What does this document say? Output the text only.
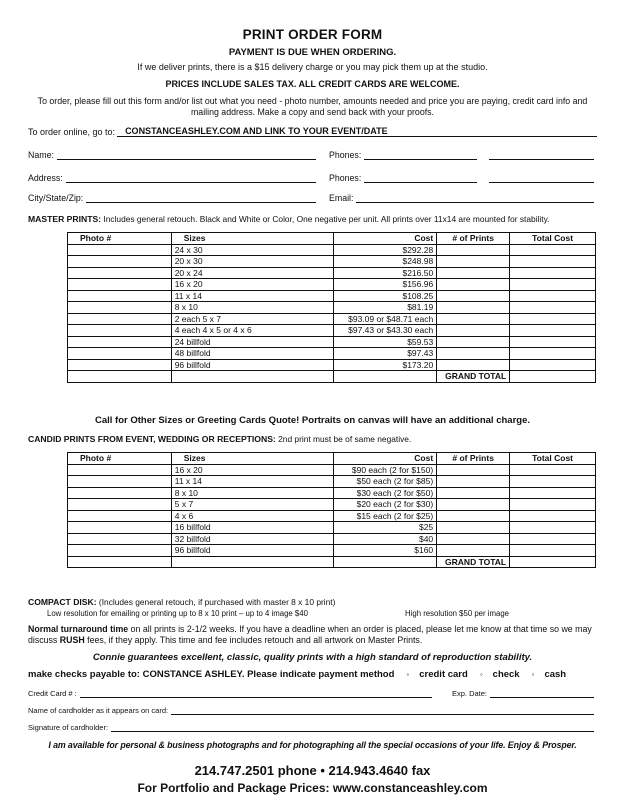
PRINT ORDER FORM
PAYMENT IS DUE WHEN ORDERING.
If we deliver prints, there is a $15 delivery charge or you may pick them up at the studio.
PRICES INCLUDE SALES TAX. ALL CREDIT CARDS ARE WELCOME.
To order, please fill out this form and/or list out what you need - photo number, amounts needed and price you are paying, credit card info and mailing address. Make a copy and send back with your proofs.
To order online, go to:	CONSTANCEASHLEY.COM AND LINK TO YOUR EVENT/DATE
Name:	Phones:
Address:	Phones:
City/State/Zip:	Email:
MASTER PRINTS: Includes general retouch. Black and White or Color, One negative per unit. All prints over 11x14 are mounted for stability.
Photo #	Sizes	Cost	# of Prints	Total Cost
	24 x 30	$292.28		
	20 x 30	$248.98		
	20 x 24	$216.50		
	16 x 20	$156.96		
	11 x 14	$108.25		
	8 x 10	$81.19		
	2 each 5 x 7	$93.09 or $48.71 each		
	4 each 4 x 5 or 4 x 6	$97.43 or $43.30 each		
	24 billfold	$59.53		
	48 billfold	$97.43		
	96 billfold	$173.20		
			GRAND TOTAL	
Call for Other Sizes or Greeting Cards Quote! Portraits on canvas will have an additional charge.
CANDID PRINTS FROM EVENT, WEDDING OR RECEPTIONS: 2nd print must be of same negative.
Photo #	Sizes	Cost	# of Prints	Total Cost
	16 x 20	$90 each (2 for $150)		
	11 x 14	$50 each (2 for $85)		
	8 x 10	$30 each (2 for $50)		
	5 x 7	$20 each (2 for $30)		
	4 x 6	$15 each (2 for $25)		
	16 billfold	$25		
	32 billfold	$40		
	96 billfold	$160		
			GRAND TOTAL	
COMPACT DISK: (Includes general retouch, if purchased with master 8 x 10 print)
Low resolution for emailing or printing up to 8 x 10 print – up to 4 image $40	High resolution $50 per image
Normal turnaround time on all prints is 2-1/2 weeks. If you have a deadline when an order is placed, please let me know at that time so we may discuss RUSH fees, if they apply. This time and fee includes retouch and all artwork on Master Prints.
Connie guarantees excellent, classic, quality prints with a high standard of reproduction stability.
make checks payable to: CONSTANCE ASHLEY. Please indicate payment method ◦ credit card ◦ check ◦ cash
Credit Card # :	Exp. Date:
Name of cardholder as it appears on card:
Signature of cardholder:
I am available for personal & business photographs and for photographing all the special occasions of your life. Enjoy & Prosper.
214.747.2501 phone • 214.943.4640 fax
For Portfolio and Package Prices: www.constanceashley.com
